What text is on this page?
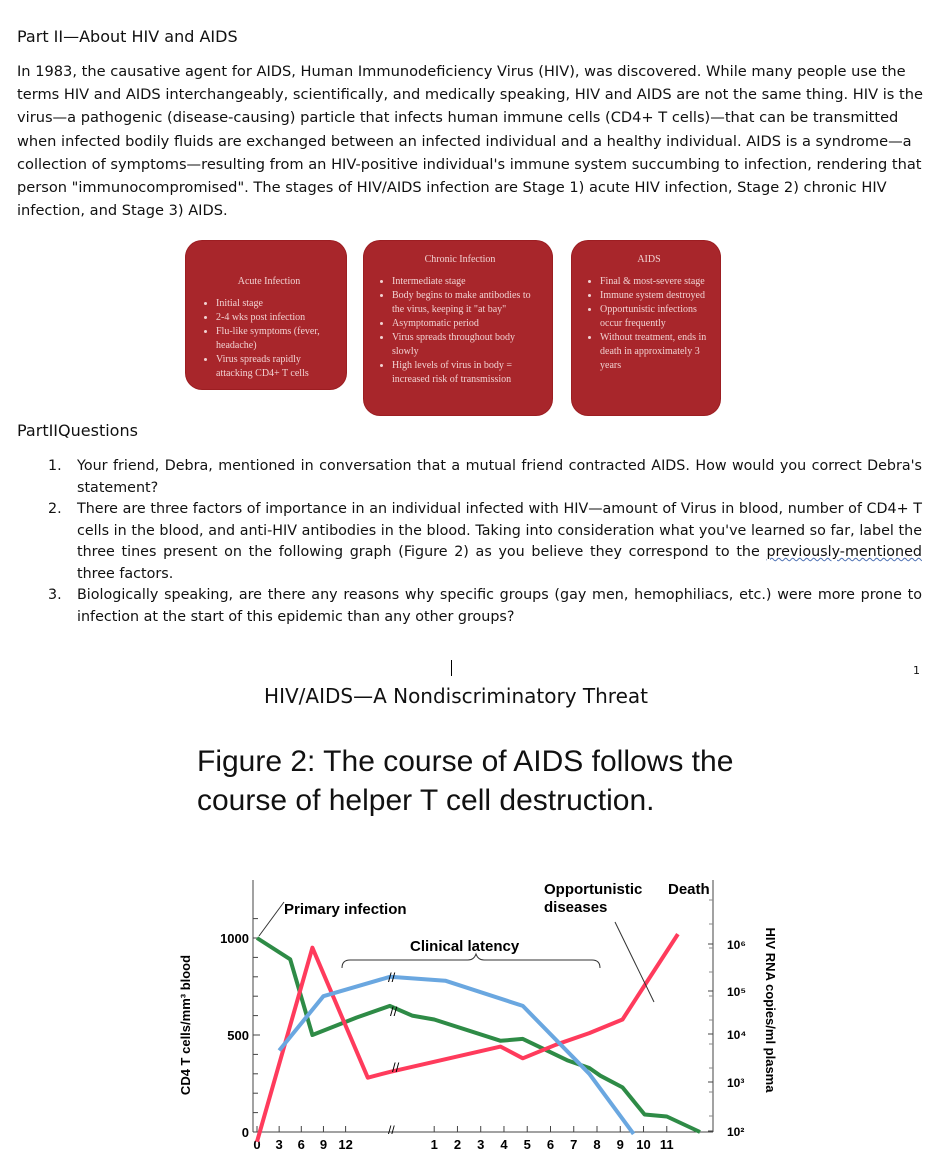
Part II—About HIV and AIDS
In 1983, the causative agent for AIDS, Human Immunodeficiency Virus (HIV), was discovered. While many people use the terms HIV and AIDS interchangeably, scientifically, and medically speaking, HIV and AIDS are not the same thing. HIV is the virus—a pathogenic (disease-causing) particle that infects human immune cells (CD4+ T cells)—that can be transmitted when infected bodily fluids are exchanged between an infected individual and a healthy individual. AIDS is a syndrome—a collection of symptoms—resulting from an HIV-positive individual's immune system succumbing to infection, rendering that person "immunocompromised". The stages of HIV/AIDS infection are Stage 1) acute HIV infection, Stage 2) chronic HIV infection, and Stage 3) AIDS.
Acute Infection
• Initial stage
• 2-4 wks post infection
• Flu-like symptoms (fever, headache)
• Virus spreads rapidly attacking CD4+ T cells
Chronic Infection
• Intermediate stage
• Body begins to make antibodies to the virus, keeping it "at bay"
• Asymptomatic period
• Virus spreads throughout body slowly
• High levels of virus in body = increased risk of transmission
AIDS
• Final & most-severe stage
• Immune system destroyed
• Opportunistic infections occur frequently
• Without treatment, ends in death in approximately 3 years
PartIIQuestions
1.	Your friend, Debra, mentioned in conversation that a mutual friend contracted AIDS. How would you correct Debra's statement?
2.	There are three factors of importance in an individual infected with HIV—amount of Virus in blood, number of CD4+ T cells in the blood, and anti-HIV antibodies in the blood. Taking into consideration what you've learned so far, label the three tines present on the following graph (Figure 2) as you believe they correspond to the previously-mentioned three factors.
3.	Biologically speaking, are there any reasons why specific groups (gay men, hemophiliacs, etc.) were more prone to infection at the start of this epidemic than any other groups?
1
HIV/AIDS—A Nondiscriminatory Threat
Figure 2: The course of AIDS follows the course of helper T cell destruction.
0
500
1000
10²
10³
10⁴
10⁵
10⁶
0 3 6 9 12	1 2 3 4 5 6 7 8 9 10 11
//
//
//
//
Primary infection
Clinical latency
Opportunistic diseases
Death
CD4 T cells/mm³ blood	HIV RNA copies/ml plasma
